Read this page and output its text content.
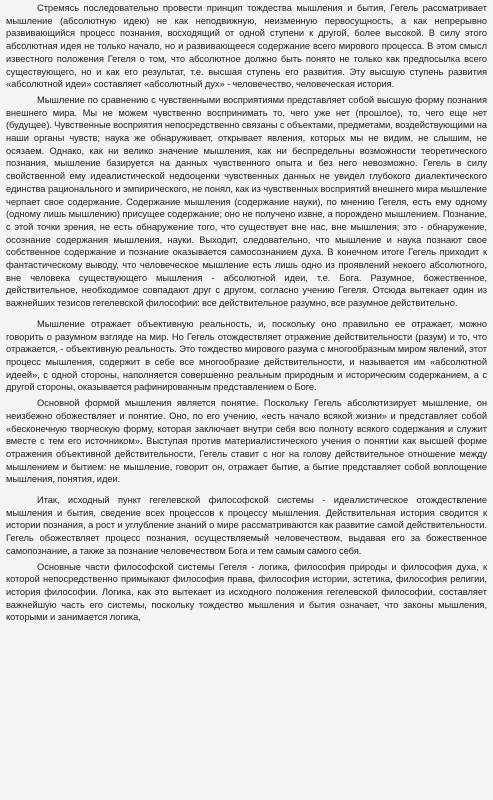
Стремясь последовательно провести принцип тождества мышления и бытия, Гегель рассматривает мышление (абсолютную идею) не как неподвижную, неизменную первосущность, а как непрерывно развивающийся процесс познания, восходящий от одной ступени к другой, более высокой. В силу этого абсолютная идея не только начало, но и развивающееся содержание всего мирового процесса. В этом смысл известного положения Гегеля о том, что абсолютное должно быть понято не только как предпосылка всего существующего, но и как его результат, т.е. высшая ступень его развития. Эту высшую ступень развития «абсолютной идеи» составляет «абсолютный дух» - человечество, человеческая история.

Мышление по сравнению с чувственными восприятиями представляет собой высшую форму познания внешнего мира. Мы не можем чувственно воспринимать то, чего уже нет (прошлое), то, чего еще нет (будущее). Чувственные восприятия непосредственно связаны с объектами, предметами, воздействующими на наши органы чувств; наука же обнаруживает, открывает явления, которых мы не видим, не слышим, не осязаем. Однако, как ни велико значение мышления, как ни беспредельны возможности теоретического познания, мышление базируется на данных чувственного опыта и без него невозможно. Гегель в силу свойственной ему идеалистической недооценки чувственных данных не увидел глубокого диалектического единства рационального и эмпирического, не понял, как из чувственных восприятий внешнего мира мышление черпает свое содержание. Содержание мышления (содержание науки), по мнению Гегеля, есть ему одному (одному лишь мышлению) присущее содержание; оно не получено извне, а порождено мышлением. Познание, с этой точки зрения, не есть обнаружение того, что существует вне нас, вне мышления; это - обнаружение, осознание содержания мышления, науки. Выходит, следовательно, что мышление и наука познают свое собственное содержание и познание оказывается самосознанием духа. В конечном итоге Гегель приходит к фантастическому выводу, что человеческое мышление есть лишь одно из проявлений некоего абсолютного, вне человека существующего мышления - абсолютной идеи, т.е. Бога. Разумное, божественное, действительное, необходимое совпадают друг с другом, согласно учению Гегеля. Отсюда вытекает один из важнейших тезисов гегелевской философии: все действительное разумно, все разумное действительно.

Мышление отражает объективную реальность, и, поскольку оно правильно ее отражает, можно говорить о разумном взгляде на мир. Но Гегель отождествляет отражение действительности (разум) и то, что отражается, - объективную реальность. Это тождество мирового разума с многообразным миром явлений, этот процесс мышления, содержит в себе все многообразие действительности, и называется им «абсолютной идеей», с одной стороны, наполняется совершенно реальным природным и историческим содержанием, а с другой стороны, оказывается рафинированным представлением о Боге.

Основной формой мышления является понятие. Поскольку Гегель абсолютизирует мышление, он неизбежно обожествляет и понятие. Оно, по его учению, «есть начало всякой жизни» и представляет собой «бесконечную творческую форму, которая заключает внутри себя всю полноту всякого содержания и служит вместе с тем его источником». Выступая против материалистического учения о понятии как высшей форме отражения объективной действительности, Гегель ставит с ног на голову действительное отношение между мышлением и бытием: не мышление, говорит он, отражает бытие, а бытие представляет собой воплощение мышления, понятия, идеи.

Итак, исходный пункт гегелевской философской системы - идеалистическое отождествление мышления и бытия, сведение всех процессов к процессу мышления. Действительная история сводится к истории познания, а рост и углубление знаний о мире рассматриваются как развитие самой действительности. Гегель обожествляет процесс познания, осуществляемый человечеством, выдавая его за божественное самопознание, а также за познание человечеством Бога и тем самым самого себя.

Основные части философской системы Гегеля - логика, философия природы и философия духа, к которой непосредственно примыкают философия права, философия истории, эстетика, философия религии, история философии. Логика, как это вытекает из исходного положения гегелевской философии, составляет важнейшую часть его системы, поскольку тождество мышления и бытия означает, что законы мышления, которыми и занимается логика,
